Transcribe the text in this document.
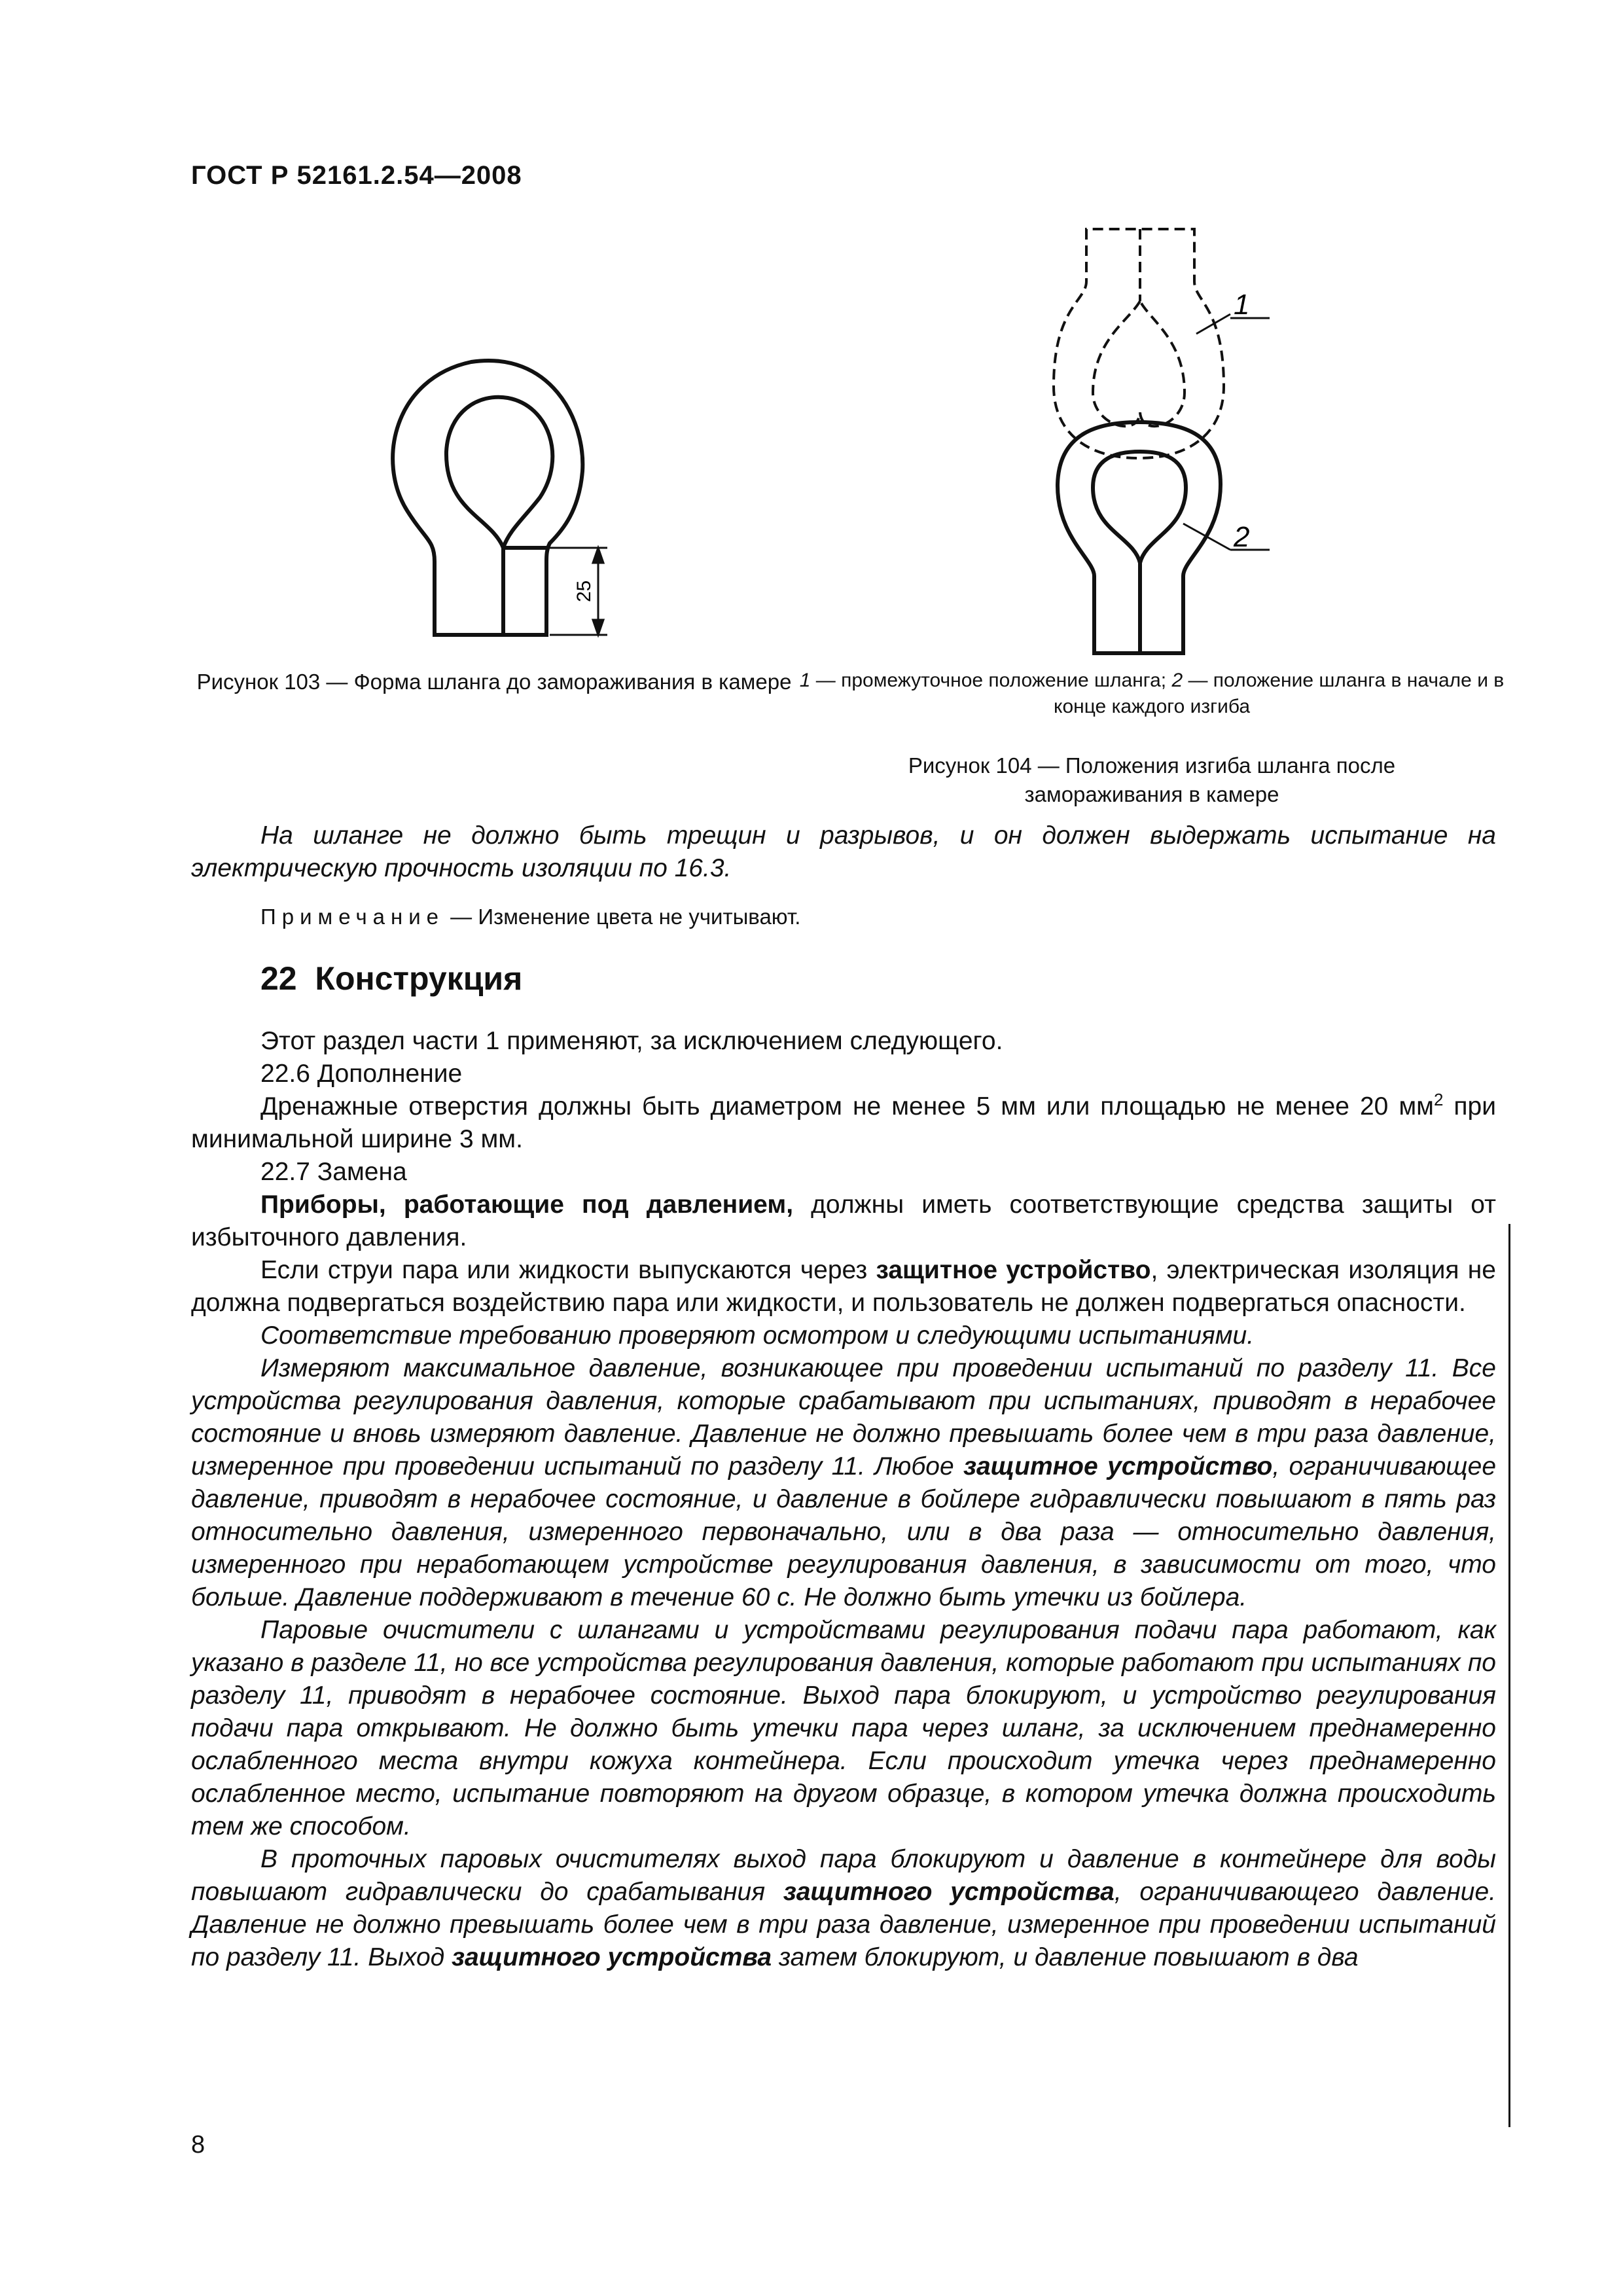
ГОСТ Р 52161.2.54—2008
25
Рисунок 103 — Форма шланга до замораживания в камере
1
2
1 — промежуточное положение шланга; 2 — положение шланга в начале и в конце каждого изгиба
Рисунок 104 — Положения изгиба шланга после замораживания в камере

На шланге не должно быть трещин и разрывов, и он должен выдержать испытание на электрическую прочность изоляции по 16.3.

Примечание — Изменение цвета не учитывают.

22 Конструкция

Этот раздел части 1 применяют, за исключением следующего.

22.6 Дополнение

Дренажные отверстия должны быть диаметром не менее 5 мм или площадью не менее 20 $мм^2$ при минимальной ширине 3 мм.

22.7 Замена

Приборы, работающие под давлением, должны иметь соответствующие средства защиты от избыточного давления.

Если струи пара или жидкости выпускаются через защитное устройство, электрическая изоляция не должна подвергаться воздействию пара или жидкости, и пользователь не должен подвергаться опасности.

Соответствие требованию проверяют осмотром и следующими испытаниями.

Измеряют максимальное давление, возникающее при проведении испытаний по разделу 11. Все устройства регулирования давления, которые срабатывают при испытаниях, приводят в нерабочее состояние и вновь измеряют давление. Давление не должно превышать более чем в три раза давление, измеренное при проведении испытаний по разделу 11. Любое защитное устройство, ограничивающее давление, приводят в нерабочее состояние, и давление в бойлере гидравлически повышают в пять раз относительно давления, измеренного первоначально, или в два раза — относительно давления, измеренного при неработающем устройстве регулирования давления, в зависимости от того, что больше. Давление поддерживают в течение 60 с. Не должно быть утечки из бойлера.

Паровые очистители с шлангами и устройствами регулирования подачи пара работают, как указано в разделе 11, но все устройства регулирования давления, которые работают при испытаниях по разделу 11, приводят в нерабочее состояние. Выход пара блокируют, и устройство регулирования подачи пара открывают. Не должно быть утечки пара через шланг, за исключением преднамеренно ослабленного места внутри кожуха контейнера. Если происходит утечка через преднамеренно ослабленное место, испытание повторяют на другом образце, в котором утечка должна происходить тем же способом.

В проточных паровых очистителях выход пара блокируют и давление в контейнере для воды повышают гидравлически до срабатывания защитного устройства, ограничивающего давление. Давление не должно превышать более чем в три раза давление, измеренное при проведении испытаний по разделу 11. Выход защитного устройства затем блокируют, и давление повышают в два

8
